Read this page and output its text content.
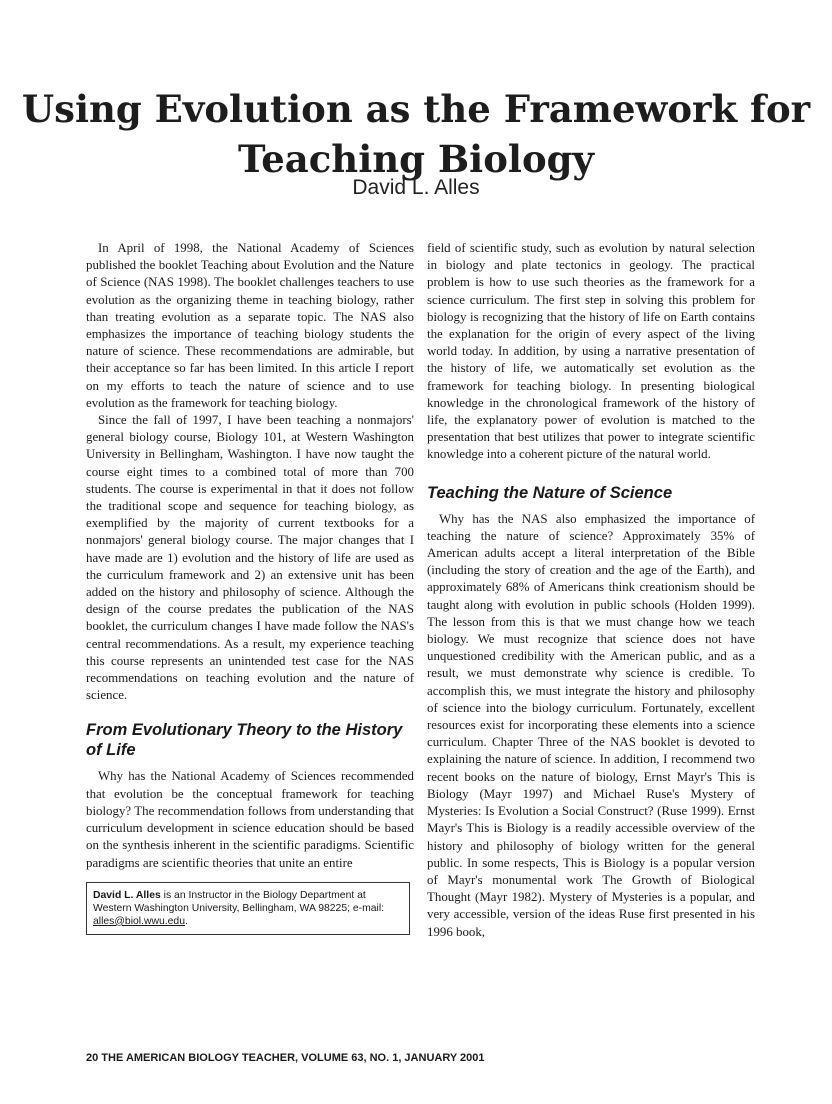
Using Evolution as the Framework for
Teaching Biology
David L. Alles

In April of 1998, the National Academy of Sciences published the booklet Teaching about Evolution and the Nature of Science (NAS 1998). The booklet challenges teachers to use evolution as the organizing theme in teaching biology, rather than treating evolution as a separate topic. The NAS also emphasizes the importance of teaching biology students the nature of science. These recommendations are admirable, but their acceptance so far has been limited. In this article I report on my efforts to teach the nature of science and to use evolution as the framework for teaching biology.

Since the fall of 1997, I have been teaching a nonmajors' general biology course, Biology 101, at Western Washington University in Bellingham, Washington. I have now taught the course eight times to a combined total of more than 700 students. The course is experimental in that it does not follow the traditional scope and sequence for teaching biology, as exemplified by the majority of current textbooks for a nonmajors' general biology course. The major changes that I have made are 1) evolution and the history of life are used as the curriculum framework and 2) an extensive unit has been added on the history and philosophy of science. Although the design of the course predates the publication of the NAS booklet, the curriculum changes I have made follow the NAS's central recommendations. As a result, my experience teaching this course represents an unintended test case for the NAS recommendations on teaching evolution and the nature of science.

From Evolutionary Theory to the History of Life

Why has the National Academy of Sciences recommended that evolution be the conceptual framework for teaching biology? The recommendation follows from understanding that curriculum development in science education should be based on the synthesis inherent in the scientific paradigms. Scientific paradigms are scientific theories that unite an entire

David L. Alles is an Instructor in the Biology Department at Western Washington University, Bellingham, WA 98225; e-mail: alles@biol.wwu.edu.

field of scientific study, such as evolution by natural selection in biology and plate tectonics in geology. The practical problem is how to use such theories as the framework for a science curriculum. The first step in solving this problem for biology is recognizing that the history of life on Earth contains the explanation for the origin of every aspect of the living world today. In addition, by using a narrative presentation of the history of life, we automatically set evolution as the framework for teaching biology. In presenting biological knowledge in the chronological framework of the history of life, the explanatory power of evolution is matched to the presentation that best utilizes that power to integrate scientific knowledge into a coherent picture of the natural world.

Teaching the Nature of Science

Why has the NAS also emphasized the importance of teaching the nature of science? Approximately 35% of American adults accept a literal interpretation of the Bible (including the story of creation and the age of the Earth), and approximately 68% of Americans think creationism should be taught along with evolution in public schools (Holden 1999). The lesson from this is that we must change how we teach biology. We must recognize that science does not have unquestioned credibility with the American public, and as a result, we must demonstrate why science is credible. To accomplish this, we must integrate the history and philosophy of science into the biology curriculum. Fortunately, excellent resources exist for incorporating these elements into a science curriculum. Chapter Three of the NAS booklet is devoted to explaining the nature of science. In addition, I recommend two recent books on the nature of biology, Ernst Mayr's This is Biology (Mayr 1997) and Michael Ruse's Mystery of Mysteries: Is Evolution a Social Construct? (Ruse 1999). Ernst Mayr's This is Biology is a readily accessible overview of the history and philosophy of biology written for the general public. In some respects, This is Biology is a popular version of Mayr's monumental work The Growth of Biological Thought (Mayr 1982). Mystery of Mysteries is a popular, and very accessible, version of the ideas Ruse first presented in his 1996 book,

20 THE AMERICAN BIOLOGY TEACHER, VOLUME 63, NO. 1, JANUARY 2001
